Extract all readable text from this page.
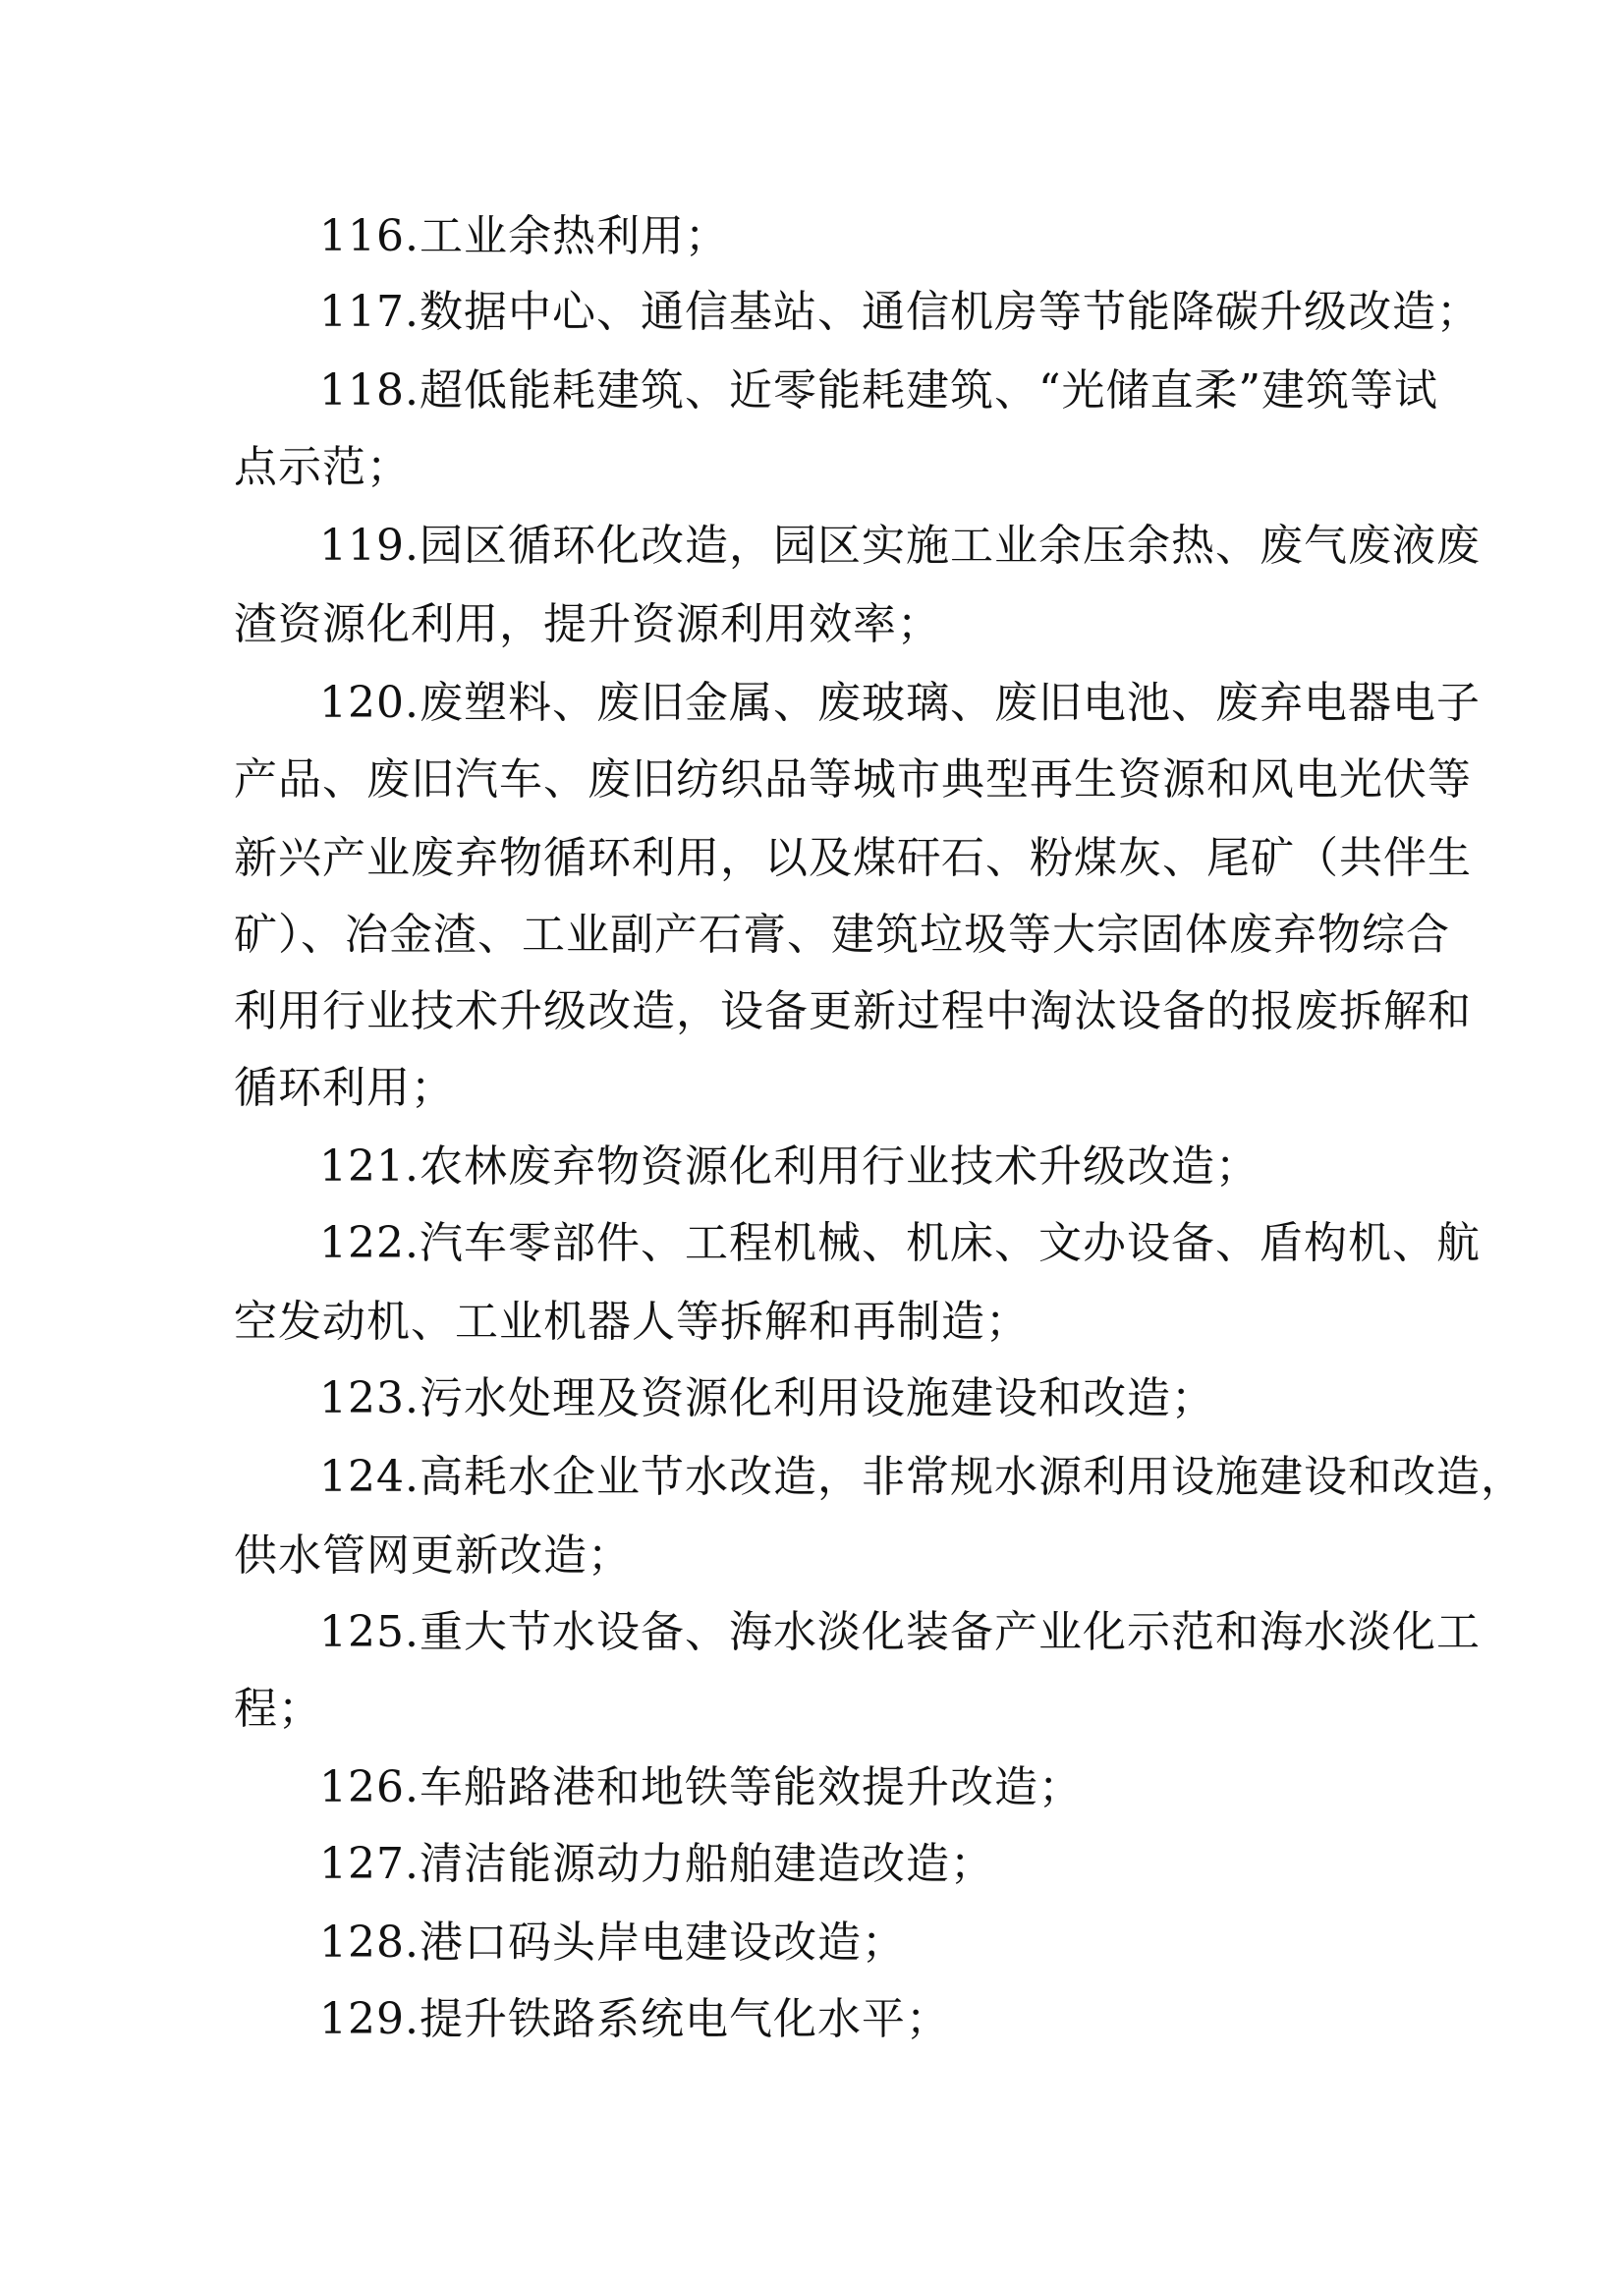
116.工业余热利用；
117.数据中心、通信基站、通信机房等节能降碳升级改造；
118.超低能耗建筑、近零能耗建筑、“光储直柔”建筑等试
点示范；
119.园区循环化改造，园区实施工业余压余热、废气废液废
渣资源化利用，提升资源利用效率；
120.废塑料、废旧金属、废玻璃、废旧电池、废弃电器电子
产品、废旧汽车、废旧纺织品等城市典型再生资源和风电光伏等
新兴产业废弃物循环利用，以及煤矸石、粉煤灰、尾矿（共伴生
矿）、冶金渣、工业副产石膏、建筑垃圾等大宗固体废弃物综合
利用行业技术升级改造，设备更新过程中淘汰设备的报废拆解和
循环利用；
121.农林废弃物资源化利用行业技术升级改造；
122.汽车零部件、工程机械、机床、文办设备、盾构机、航
空发动机、工业机器人等拆解和再制造；
123.污水处理及资源化利用设施建设和改造；
124.高耗水企业节水改造，非常规水源利用设施建设和改造，
供水管网更新改造；
125.重大节水设备、海水淡化装备产业化示范和海水淡化工
程；
126.车船路港和地铁等能效提升改造；
127.清洁能源动力船舶建造改造；
128.港口码头岸电建设改造；
129.提升铁路系统电气化水平；
